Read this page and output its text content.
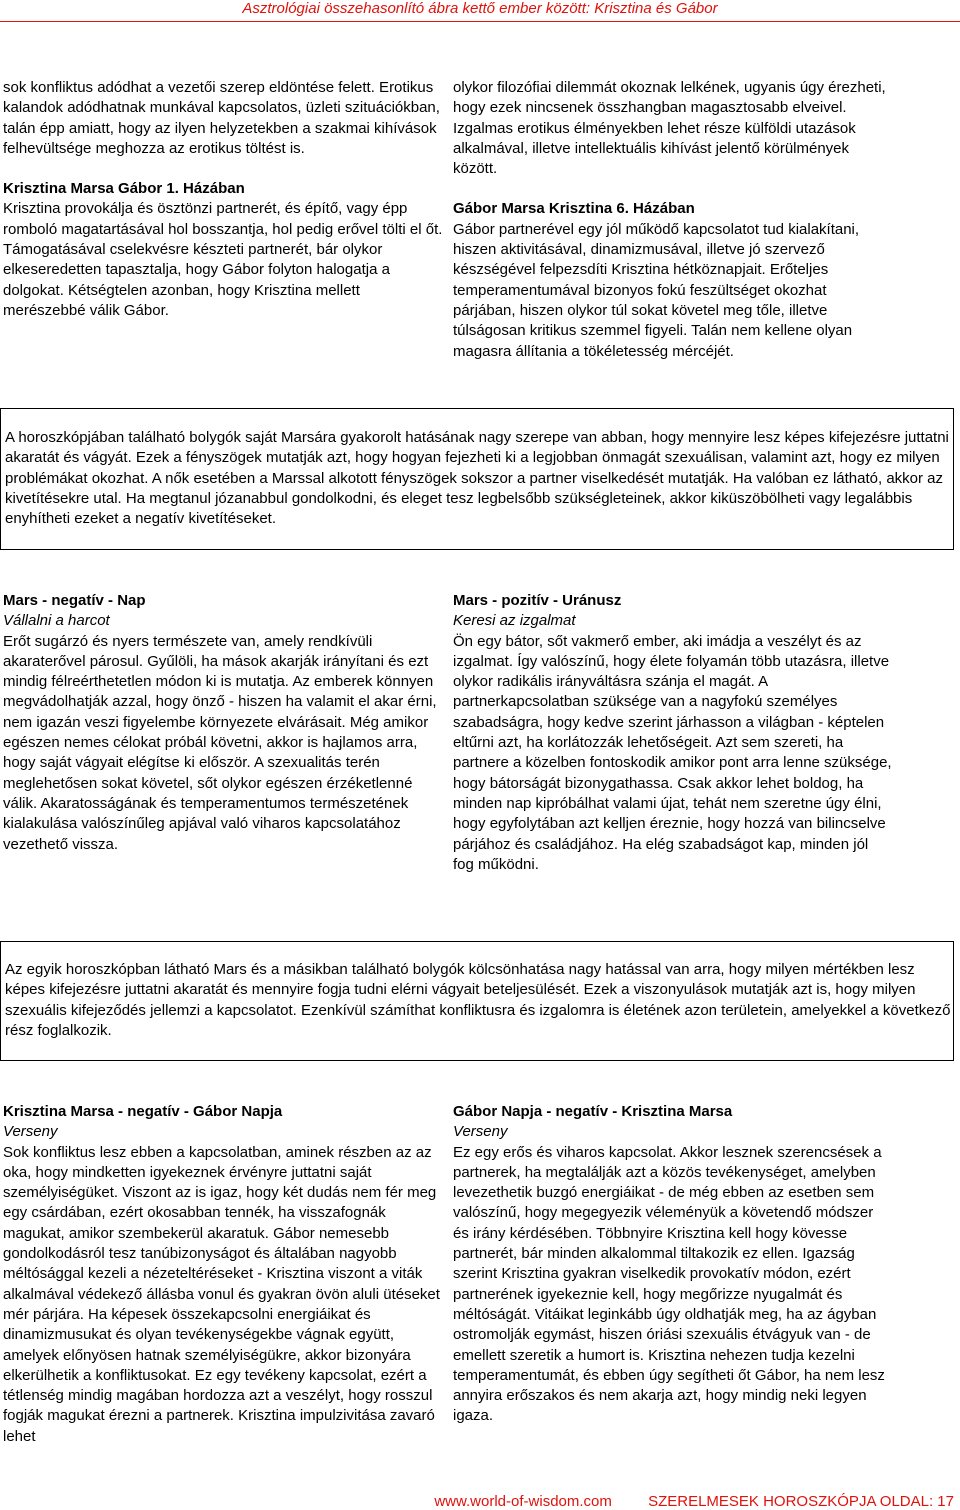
Asztrológiai összehasonlító ábra kettő ember között: Krisztina és Gábor

sok konfliktus adódhat a vezetői szerep eldöntése felett. Erotikus kalandok adódhatnak munkával kapcsolatos, üzleti szituációkban, talán épp amiatt, hogy az ilyen helyzetekben a szakmai kihívások felhevültsége meghozza az erotikus töltést is.

Krisztina Marsa Gábor 1. Házában

Krisztina provokálja és ösztönzi partnerét, és építő, vagy épp romboló magatartásával hol bosszantja, hol pedig erővel tölti el őt. Támogatásával cselekvésre készteti partnerét, bár olykor elkeseredetten tapasztalja, hogy Gábor folyton halogatja a dolgokat. Kétségtelen azonban, hogy Krisztina mellett merészebbé válik Gábor.

olykor filozófiai dilemmát okoznak lelkének, ugyanis úgy érezheti, hogy ezek nincsenek összhangban magasztosabb elveivel. Izgalmas erotikus élményekben lehet része külföldi utazások alkalmával, illetve intellektuális kihívást jelentő körülmények között.

Gábor Marsa Krisztina 6. Házában

Gábor partnerével egy jól működő kapcsolatot tud kialakítani, hiszen aktivitásával, dinamizmusával, illetve jó szervező készségével felpezsdíti Krisztina hétköznapjait. Erőteljes temperamentumával bizonyos fokú feszültséget okozhat párjában, hiszen olykor túl sokat követel meg tőle, illetve túlságosan kritikus szemmel figyeli. Talán nem kellene olyan magasra állítania a tökéletesség mércéjét.

A horoszkópjában található bolygók saját Marsára gyakorolt hatásának nagy szerepe van abban, hogy mennyire lesz képes kifejezésre juttatni akaratát és vágyát. Ezek a fényszögek mutatják azt, hogy hogyan fejezheti ki a legjobban önmagát szexuálisan, valamint azt, hogy ez milyen problémákat okozhat. A nők esetében a Marssal alkotott fényszögek sokszor a partner viselkedését mutatják. Ha valóban ez látható, akkor az kivetítésekre utal. Ha megtanul józanabbul gondolkodni, és eleget tesz legbelsőbb szükségleteinek, akkor kiküszöbölheti vagy legalábbis enyhítheti ezeket a negatív kivetítéseket.

Mars - negatív - Nap

Vállalni a harcot

Erőt sugárzó és nyers természete van, amely rendkívüli akaraterővel párosul. Gyűlöli, ha mások akarják irányítani és ezt mindig félreérthetetlen módon ki is mutatja. Az emberek könnyen megvádolhatják azzal, hogy önző - hiszen ha valamit el akar érni, nem igazán veszi figyelembe környezete elvárásait. Még amikor egészen nemes célokat próbál követni, akkor is hajlamos arra, hogy saját vágyait elégítse ki először. A szexualitás terén meglehetősen sokat követel, sőt olykor egészen érzéketlenné válik. Akaratosságának és temperamentumos természetének kialakulása valószínűleg apjával való viharos kapcsolatához vezethető vissza.

Mars - pozitív - Uránusz

Keresi az izgalmat

Ön egy bátor, sőt vakmerő ember, aki imádja a veszélyt és az izgalmat. Így valószínű, hogy élete folyamán több utazásra, illetve olykor radikális irányváltásra szánja el magát. A partnerkapcsolatban szüksége van a nagyfokú személyes szabadságra, hogy kedve szerint járhasson a világban - képtelen eltűrni azt, ha korlátozzák lehetőségeit. Azt sem szereti, ha partnere a közelben fontoskodik amikor pont arra lenne szüksége, hogy bátorságát bizonygathassa. Csak akkor lehet boldog, ha minden nap kipróbálhat valami újat, tehát nem szeretne úgy élni, hogy egyfolytában azt kelljen éreznie, hogy hozzá van bilincselve párjához és családjához. Ha elég szabadságot kap, minden jól fog működni.

Az egyik horoszkópban látható Mars és a másikban található bolygók kölcsönhatása nagy hatással van arra, hogy milyen mértékben lesz képes kifejezésre juttatni akaratát és mennyire fogja tudni elérni vágyait beteljesülését. Ezek a viszonyulások mutatják azt is, hogy milyen szexuális kifejeződés jellemzi a kapcsolatot. Ezenkívül számíthat konfliktusra és izgalomra is életének azon területein, amelyekkel a következő rész foglalkozik.

Krisztina Marsa - negatív - Gábor Napja

Verseny

Sok konfliktus lesz ebben a kapcsolatban, aminek részben az az oka, hogy mindketten igyekeznek érvényre juttatni saját személyiségüket. Viszont az is igaz, hogy két dudás nem fér meg egy csárdában, ezért okosabban tennék, ha visszafognák magukat, amikor szembekerül akaratuk. Gábor nemesebb gondolkodásról tesz tanúbizonyságot és általában nagyobb méltósággal kezeli a nézeteltéréseket - Krisztina viszont a viták alkalmával védekező állásba vonul és gyakran övön aluli ütéseket mér párjára. Ha képesek összekapcsolni energiáikat és dinamizmusukat és olyan tevékenységekbe vágnak együtt, amelyek előnyösen hatnak személyiségükre, akkor bizonyára elkerülhetik a konfliktusokat. Ez egy tevékeny kapcsolat, ezért a tétlenség mindig magában hordozza azt a veszélyt, hogy rosszul fogják magukat érezni a partnerek. Krisztina impulzivitása zavaró lehet

Gábor Napja - negatív - Krisztina Marsa

Verseny

Ez egy erős és viharos kapcsolat. Akkor lesznek szerencsések a partnerek, ha megtalálják azt a közös tevékenységet, amelyben levezethetik buzgó energiáikat - de még ebben az esetben sem valószínű, hogy megegyezik véleményük a követendő módszer és irány kérdésében. Többnyire Krisztina kell hogy kövesse partnerét, bár minden alkalommal tiltakozik ez ellen. Igazság szerint Krisztina gyakran viselkedik provokatív módon, ezért partnerének igyekeznie kell, hogy megőrizze nyugalmát és méltóságát. Vitáikat leginkább úgy oldhatják meg, ha az ágyban ostromolják egymást, hiszen óriási szexuális étvágyuk van - de emellett szeretik a humort is. Krisztina nehezen tudja kezelni temperamentumát, és ebben úgy segítheti őt Gábor, ha nem lesz annyira erőszakos és nem akarja azt, hogy mindig neki legyen igaza.

www.world-of-wisdom.com SZERELMESEK HOROSZKÓPJA OLDAL: 17
